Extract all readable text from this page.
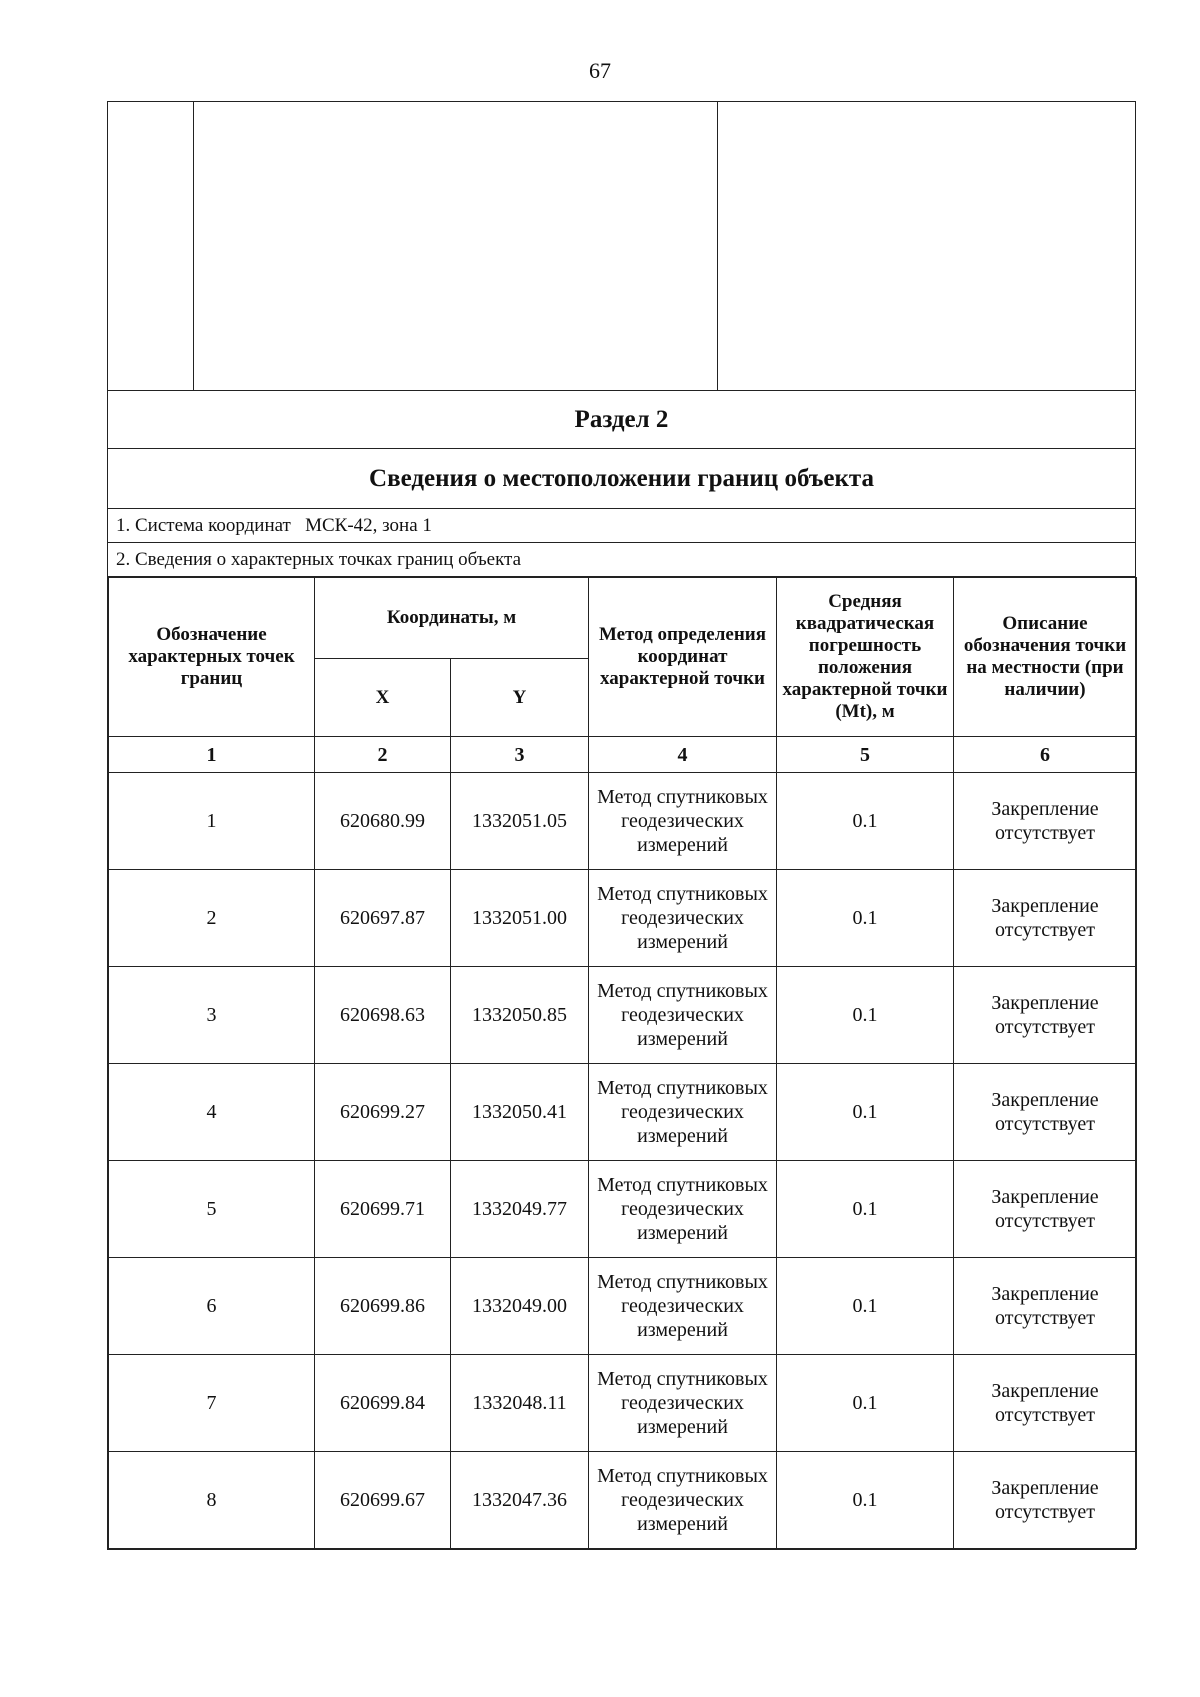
67

Раздел 2
Сведения о местоположении границ объекта
1. Система координат   МСК-42, зона 1
2. Сведения о характерных точках границ объекта

Обозначение характерных точек границ	Координаты, м	Метод определения координат характерной точки	Средняя квадратическая погрешность положения характерной точки (Mt), м	Описание обозначения точки на местности (при наличии)
X	Y
1	2	3	4	5	6
1	620680.99	1332051.05	Метод спутниковых геодезических измерений	0.1	Закрепление отсутствует
2	620697.87	1332051.00	Метод спутниковых геодезических измерений	0.1	Закрепление отсутствует
3	620698.63	1332050.85	Метод спутниковых геодезических измерений	0.1	Закрепление отсутствует
4	620699.27	1332050.41	Метод спутниковых геодезических измерений	0.1	Закрепление отсутствует
5	620699.71	1332049.77	Метод спутниковых геодезических измерений	0.1	Закрепление отсутствует
6	620699.86	1332049.00	Метод спутниковых геодезических измерений	0.1	Закрепление отсутствует
7	620699.84	1332048.11	Метод спутниковых геодезических измерений	0.1	Закрепление отсутствует
8	620699.67	1332047.36	Метод спутниковых геодезических измерений	0.1	Закрепление отсутствует
